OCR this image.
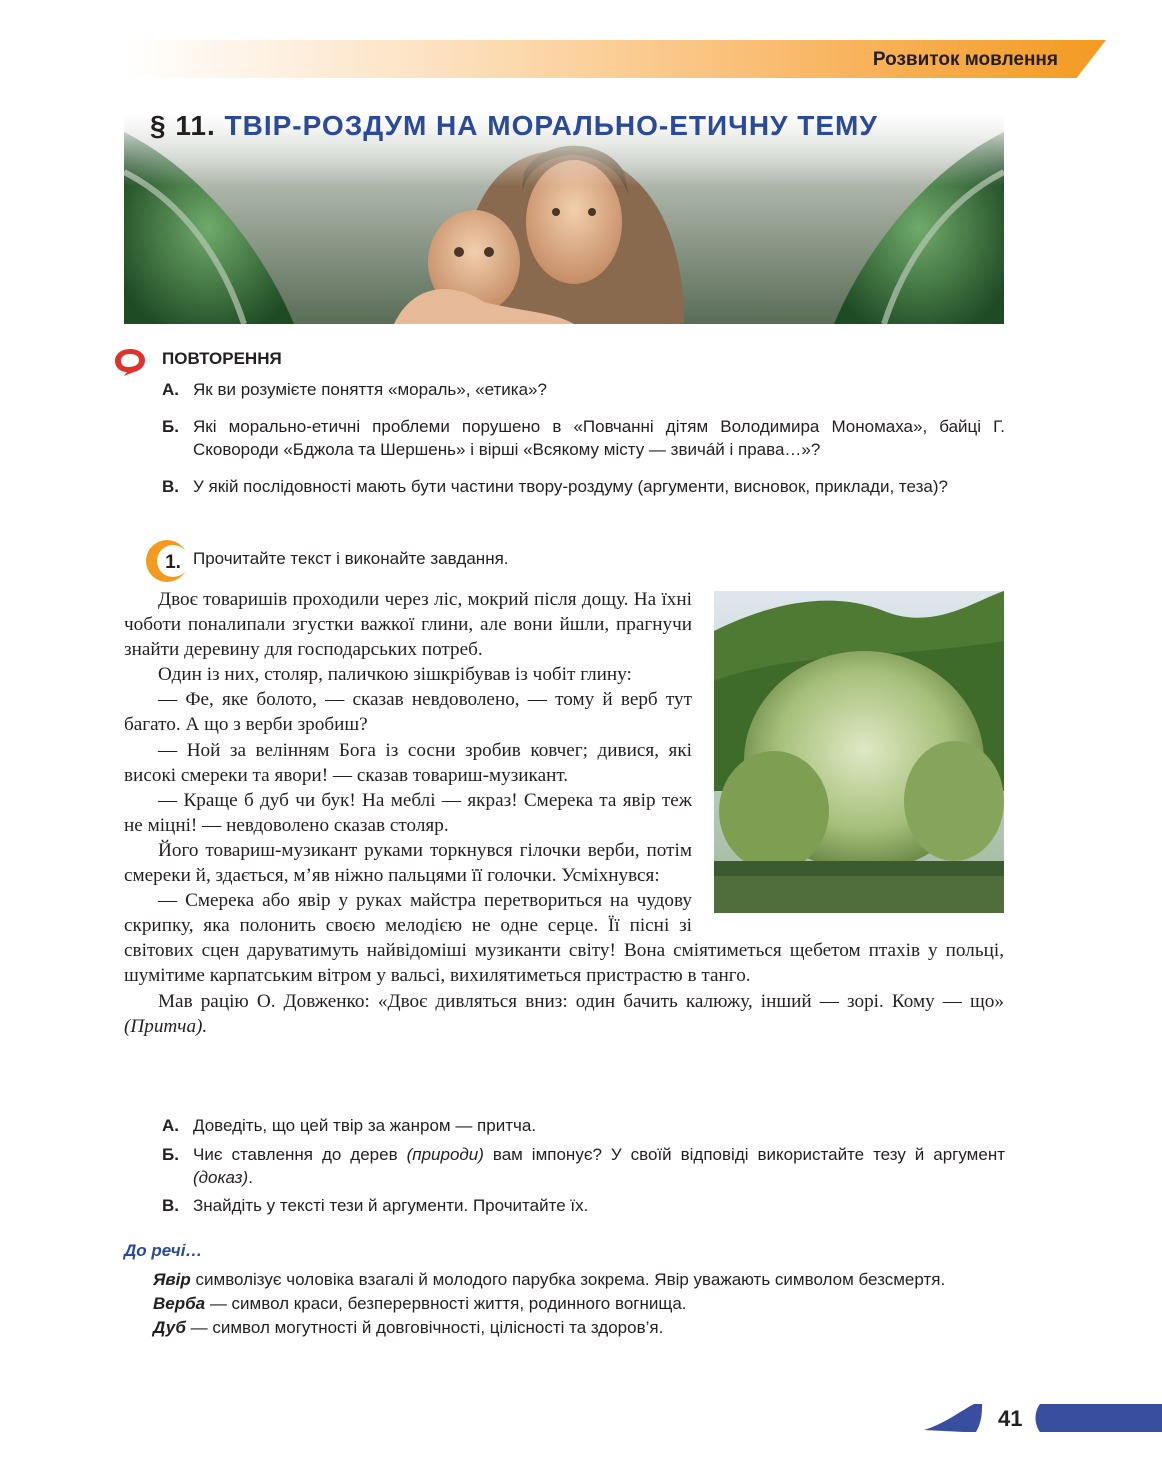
Розвиток мовлення
§ 11. ТВІР-РОЗДУМ НА МОРАЛЬНО-ЕТИЧНУ ТЕМУ
ПОВТОРЕННЯ
А. Як ви розумієте поняття «мораль», «етика»?
Б. Які морально-етичні проблеми порушено в «Повчанні дітям Володимира Мономаха», байці Г. Сковороди «Бджола та Шершень» і вірші «Всякому місту — звичáй і права…»?
В. У якій послідовності мають бути частини твору-роздуму (аргументи, висновок, приклади, теза)?
1. Прочитайте текст і виконайте завдання.

Двоє товаришів проходили через ліс, мокрий після дощу. На їхні чоботи поналипали згустки важкої глини, але вони йшли, прагнучи знайти деревину для господарських потреб.

Один із них, столяр, паличкою зішкрібував із чобіт глину:

— Фе, яке болото, — сказав невдоволено, — тому й верб тут багато. А що з верби зробиш?

— Ной за велінням Бога із сосни зробив ковчег; дивися, які високі смереки та явори! — сказав товариш-музикант.

— Краще б дуб чи бук! На меблі — якраз! Смерека та явір теж не міцні! — невдоволено сказав столяр.

Його товариш-музикант руками торкнувся гілочки верби, потім смереки й, здається, м’яв ніжно пальцями її голочки. Усміхнувся:

— Смерека або явір у руках майстра перетвориться на чудову скрипку, яка полонить своєю мелодією не одне серце. Її пісні зі світових сцен даруватимуть найвідоміші музиканти світу! Вона сміятиметься щебетом птахів у польці, шумітиме карпатським вітром у вальсі, вихилятиметься пристрастю в танго.

Мав рацію О. Довженко: «Двоє дивляться вниз: один бачить калюжу, інший — зорі. Кому — що» (Притча).

А. Доведіть, що цей твір за жанром — притча.
Б. Чиє ставлення до дерев (природи) вам імпонує? У своїй відповіді використайте тезу й аргумент (доказ).
В. Знайдіть у тексті тези й аргументи. Прочитайте їх.
До речі…

Явір символізує чоловіка взагалі й молодого парубка зокрема. Явір уважають символом безсмертя.

Верба — символ краси, безперервності життя, родинного вогнища.

Дуб — символ могутності й довговічності, цілісності та здоров’я.

41
